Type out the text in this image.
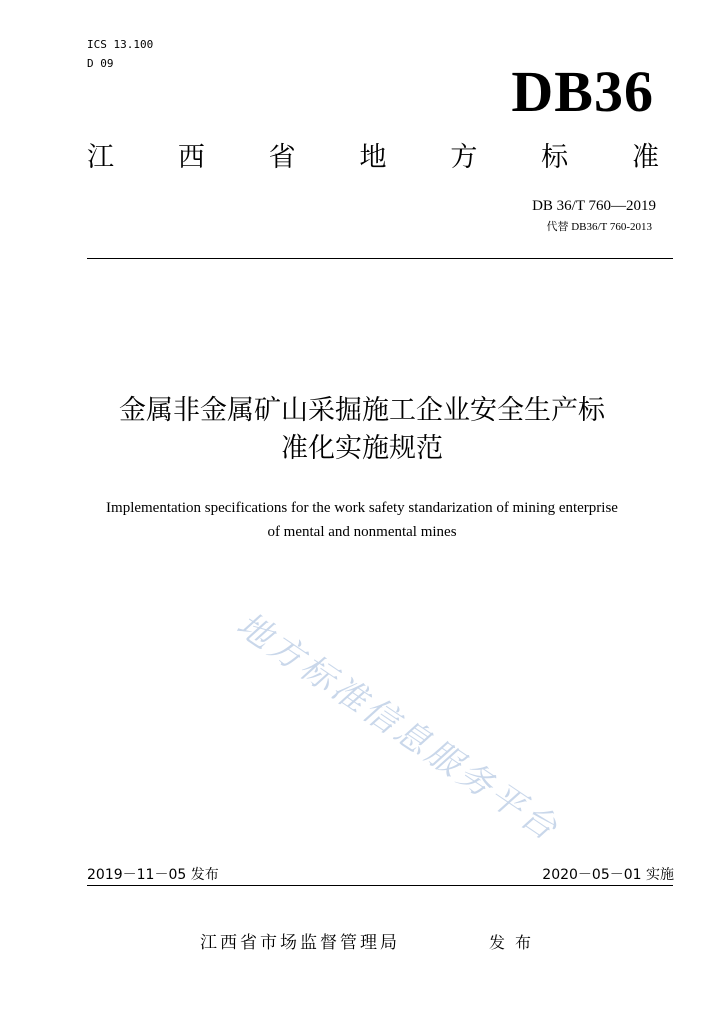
ICS 13.100
D 09	DB36
江 西 省 地 方 标 准
DB 36/T 760—2019
代替 DB36/T 760-2013
金属非金属矿山采掘施工企业安全生产标
准化实施规范
Implementation specifications for the work safety standarization of mining enterprise
of mental and nonmental mines
地方标准信息服务平台
2019－11－05 发布	2020－05－01 实施
江西省市场监督管理局	发布
